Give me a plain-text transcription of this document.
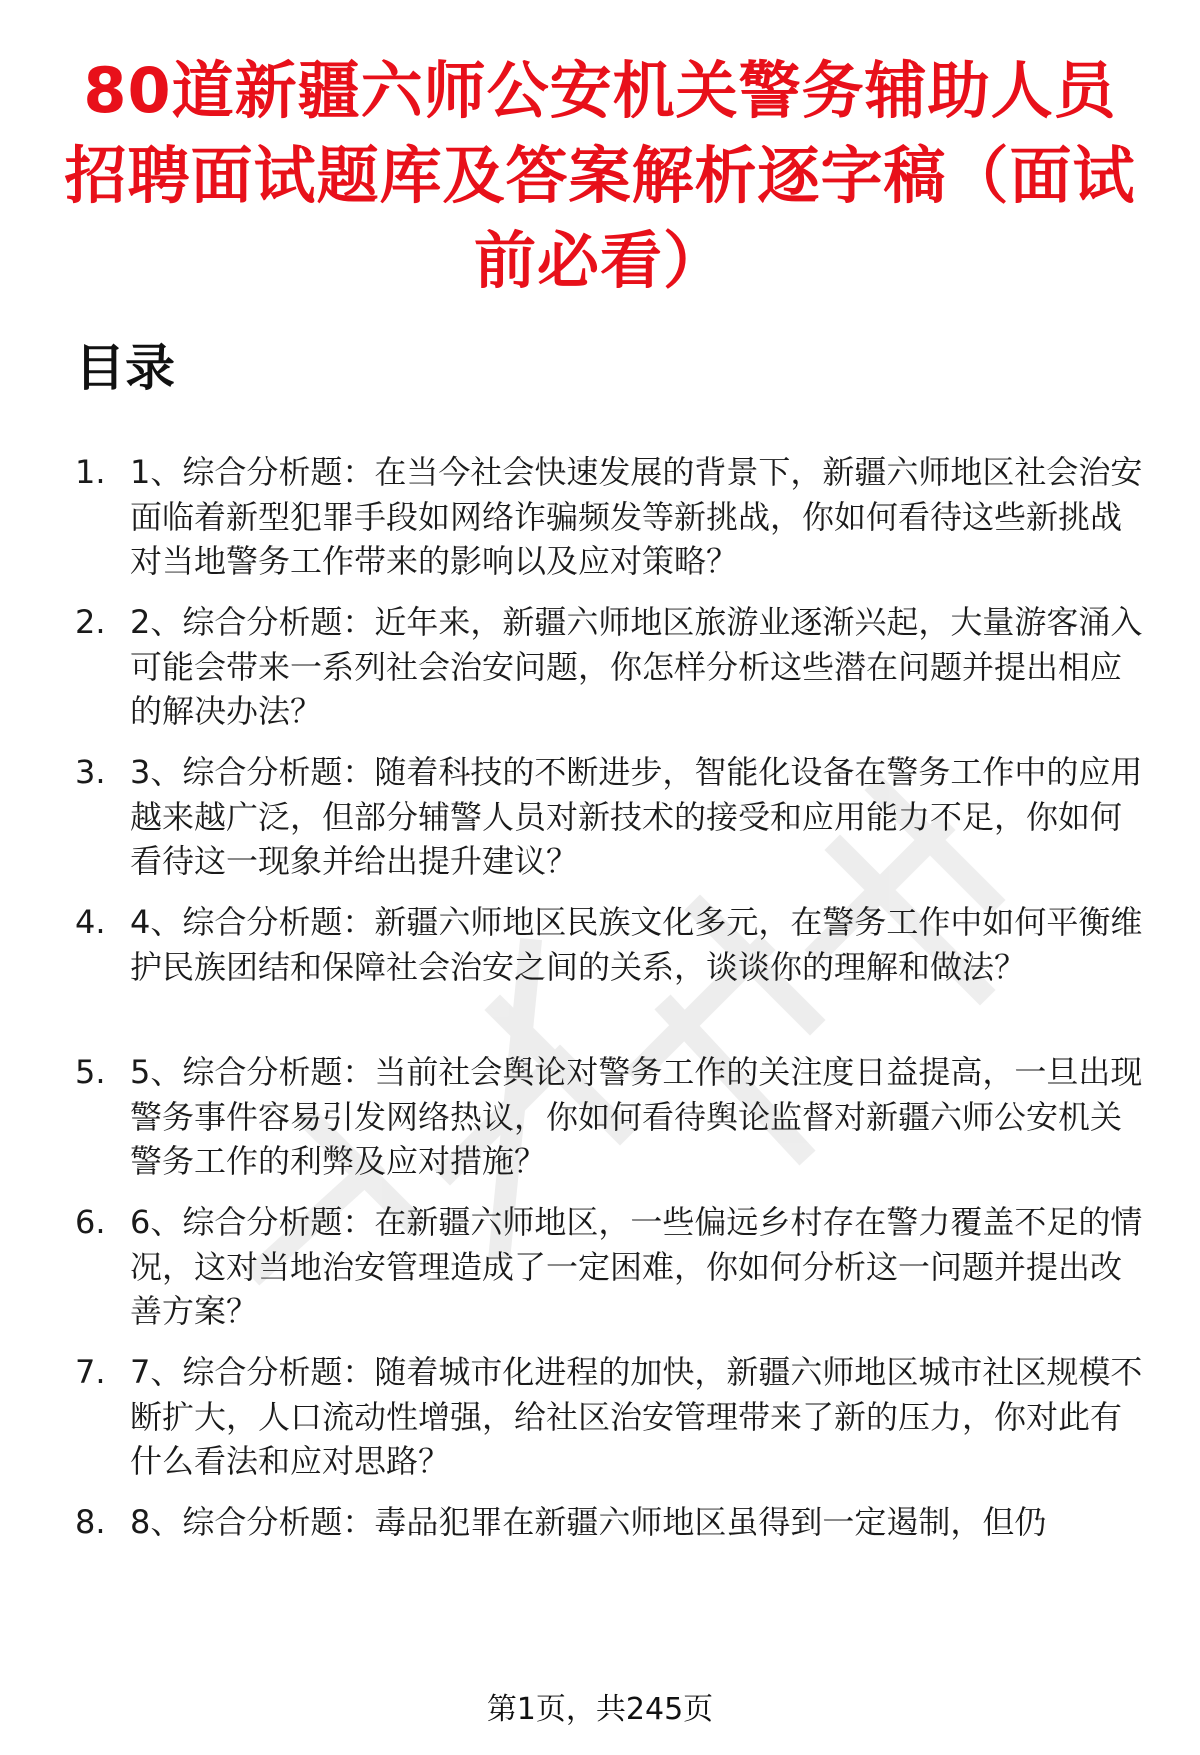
80道新疆六师公安机关警务辅助人员招聘面试题库及答案解析逐字稿（面试前必看）
目录
1. 1、综合分析题：在当今社会快速发展的背景下，新疆六师地区社会治安面临着新型犯罪手段如网络诈骗频发等新挑战，你如何看待这些新挑战对当地警务工作带来的影响以及应对策略？
2. 2、综合分析题：近年来，新疆六师地区旅游业逐渐兴起，大量游客涌入可能会带来一系列社会治安问题，你怎样分析这些潜在问题并提出相应的解决办法？
3. 3、综合分析题：随着科技的不断进步，智能化设备在警务工作中的应用越来越广泛，但部分辅警人员对新技术的接受和应用能力不足，你如何看待这一现象并给出提升建议？
4. 4、综合分析题：新疆六师地区民族文化多元，在警务工作中如何平衡维护民族团结和保障社会治安之间的关系，谈谈你的理解和做法？
5. 5、综合分析题：当前社会舆论对警务工作的关注度日益提高，一旦出现警务事件容易引发网络热议，你如何看待舆论监督对新疆六师公安机关警务工作的利弊及应对措施？
6. 6、综合分析题：在新疆六师地区，一些偏远乡村存在警力覆盖不足的情况，这对当地治安管理造成了一定困难，你如何分析这一问题并提出改善方案？
7. 7、综合分析题：随着城市化进程的加快，新疆六师地区城市社区规模不断扩大，人口流动性增强，给社区治安管理带来了新的压力，你对此有什么看法和应对思路？
8. 8、综合分析题：毒品犯罪在新疆六师地区虽得到一定遏制，但仍
第1页，共245页
